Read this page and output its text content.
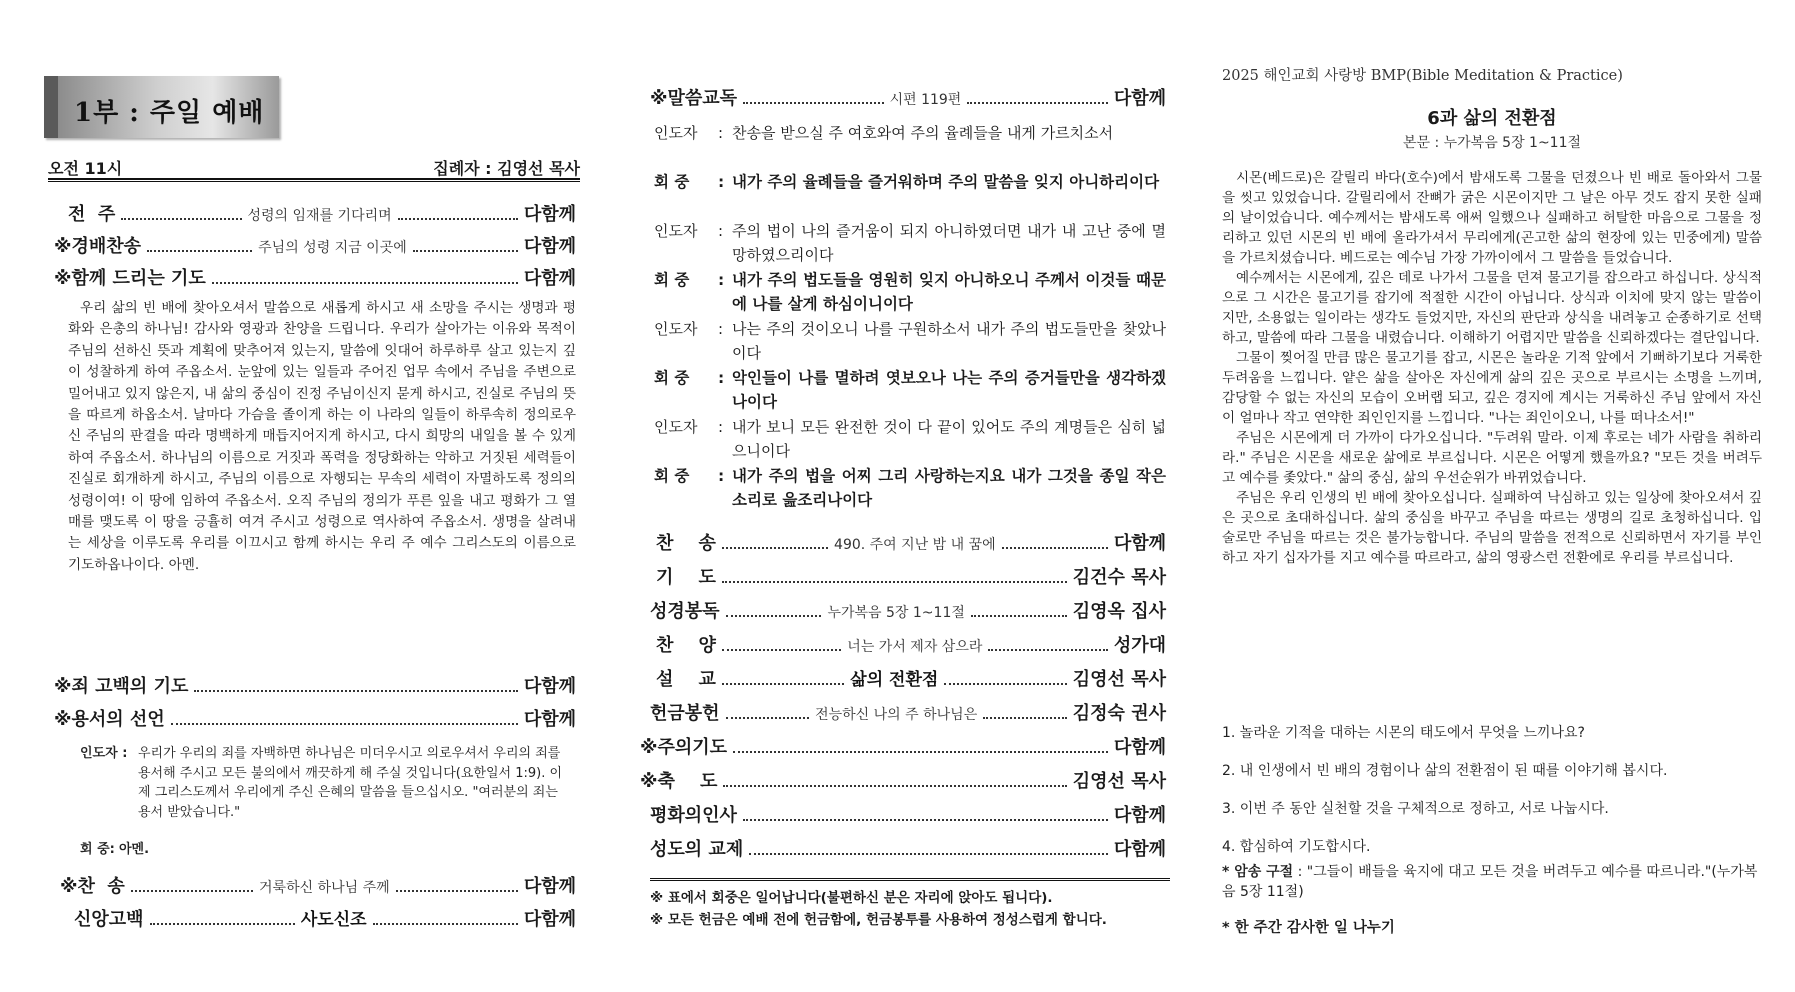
1부 : 주일 예배
오전 11시	집례자 : 김영선 목사
전  주	성령의 임재를 기다리며	다함께
※경배찬송	주님의 성령 지금 이곳에	다함께
※함께 드리는 기도	다함께

우리 삶의 빈 배에 찾아오셔서 말씀으로 새롭게 하시고 새 소망을 주시는 생명과 평화와 은총의 하나님! 감사와 영광과 찬양을 드립니다. 우리가 살아가는 이유와 목적이 주님의 선하신 뜻과 계획에 맞추어져 있는지, 말씀에 잇대어 하루하루 살고 있는지 깊이 성찰하게 하여 주옵소서. 눈앞에 있는 일들과 주어진 업무 속에서 주님을 주변으로 밀어내고 있지 않은지, 내 삶의 중심이 진정 주님이신지 묻게 하시고, 진실로 주님의 뜻을 따르게 하옵소서. 날마다 가슴을 졸이게 하는 이 나라의 일들이 하루속히 정의로우신 주님의 판결을 따라 명백하게 매듭지어지게 하시고, 다시 희망의 내일을 볼 수 있게 하여 주옵소서. 하나님의 이름으로 거짓과 폭력을 정당화하는 악하고 거짓된 세력들이 진실로 회개하게 하시고, 주님의 이름으로 자행되는 무속의 세력이 자멸하도록 정의의 성령이여! 이 땅에 임하여 주옵소서. 오직 주님의 정의가 푸른 잎을 내고 평화가 그 열매를 맺도록 이 땅을 긍휼히 여겨 주시고 성령으로 역사하여 주옵소서. 생명을 살려내는 세상을 이루도록 우리를 이끄시고 함께 하시는 우리 주 예수 그리스도의 이름으로 기도하옵나이다. 아멘.

※죄 고백의 기도	다함께
※용서의 선언	다함께
인도자 : 우리가 우리의 죄를 자백하면 하나님은 미더우시고 의로우셔서 우리의 죄를 용서해 주시고 모든 불의에서 깨끗하게 해 주실 것입니다(요한일서 1:9). 이제 그리스도께서 우리에게 주신 은혜의 말씀을 들으십시오. "여러분의 죄는 용서 받았습니다."
회 중: 아멘.
※찬  송	거룩하신 하나님 주께	다함께
신앙고백	사도신조	다함께
※말씀교독	시편 119편	다함께
인도자	: 찬송을 받으실 주 여호와여 주의 율례들을 내게 가르치소서
회 중	: 내가 주의 율례들을 즐거워하며 주의 말씀을 잊지 아니하리이다
인도자	: 주의 법이 나의 즐거움이 되지 아니하였더면 내가 내 고난 중에 멸망하였으리이다
회 중	: 내가 주의 법도들을 영원히 잊지 아니하오니 주께서 이것들 때문에 나를 살게 하심이니이다
인도자	: 나는 주의 것이오니 나를 구원하소서 내가 주의 법도들만을 찾았나이다
회 중	: 악인들이 나를 멸하려 엿보오나 나는 주의 증거들만을 생각하겠나이다
인도자	: 내가 보니 모든 완전한 것이 다 끝이 있어도 주의 계명들은 심히 넓으니이다
회 중	: 내가 주의 법을 어찌 그리 사랑하는지요 내가 그것을 종일 작은 소리로 읊조리나이다
찬    송	490. 주여 지난 밤 내 꿈에	다함께
기    도	김건수 목사
성경봉독	누가복음 5장 1~11절	김영옥 집사
찬    양	너는 가서 제자 삼으라	성가대
설    교	삶의 전환점	김영선 목사
헌금봉헌	전능하신 나의 주 하나님은	김정숙 권사
※주의기도	다함께
※축    도	김영선 목사
평화의인사	다함께
성도의 교제	다함께
※ 표에서 회중은 일어납니다(불편하신 분은 자리에 앉아도 됩니다).
※ 모든 헌금은 예배 전에 헌금함에, 헌금봉투를 사용하여 정성스럽게 합니다.
2025 해인교회 사랑방 BMP(Bible Meditation & Practice)
6과 삶의 전환점
본문 : 누가복음 5장 1~11절

시몬(베드로)은 갈릴리 바다(호수)에서 밤새도록 그물을 던졌으나 빈 배로 돌아와서 그물을 씻고 있었습니다. 갈릴리에서 잔뼈가 굵은 시몬이지만 그 날은 아무 것도 잡지 못한 실패의 날이었습니다. 예수께서는 밤새도록 애써 일했으나 실패하고 허탈한 마음으로 그물을 정리하고 있던 시몬의 빈 배에 올라가셔서 무리에게(곤고한 삶의 현장에 있는 민중에게) 말씀을 가르치셨습니다. 베드로는 예수님 가장 가까이에서 그 말씀을 들었습니다.

예수께서는 시몬에게, 깊은 데로 나가서 그물을 던져 물고기를 잡으라고 하십니다. 상식적으로 그 시간은 물고기를 잡기에 적절한 시간이 아닙니다. 상식과 이치에 맞지 않는 말씀이지만, 소용없는 일이라는 생각도 들었지만, 자신의 판단과 상식을 내려놓고 순종하기로 선택하고, 말씀에 따라 그물을 내렸습니다. 이해하기 어렵지만 말씀을 신뢰하겠다는 결단입니다.

그물이 찢어질 만큼 많은 물고기를 잡고, 시몬은 놀라운 기적 앞에서 기뻐하기보다 거룩한 두려움을 느낍니다. 얕은 삶을 살아온 자신에게 삶의 깊은 곳으로 부르시는 소명을 느끼며, 감당할 수 없는 자신의 모습이 오버랩 되고, 깊은 경지에 계시는 거룩하신 주님 앞에서 자신이 얼마나 작고 연약한 죄인인지를 느낍니다. "나는 죄인이오니, 나를 떠나소서!"

주님은 시몬에게 더 가까이 다가오십니다. "두려워 말라. 이제 후로는 네가 사람을 취하리라." 주님은 시몬을 새로운 삶에로 부르십니다. 시몬은 어떻게 했을까요? "모든 것을 버려두고 예수를 좇았다." 삶의 중심, 삶의 우선순위가 바뀌었습니다.

주님은 우리 인생의 빈 배에 찾아오십니다. 실패하여 낙심하고 있는 일상에 찾아오셔서 깊은 곳으로 초대하십니다. 삶의 중심을 바꾸고 주님을 따르는 생명의 길로 초청하십니다. 입술로만 주님을 따르는 것은 불가능합니다. 주님의 말씀을 전적으로 신뢰하면서 자기를 부인하고 자기 십자가를 지고 예수를 따르라고, 삶의 영광스런 전환에로 우리를 부르십니다.

1. 놀라운 기적을 대하는 시몬의 태도에서 무엇을 느끼나요?
2. 내 인생에서 빈 배의 경험이나 삶의 전환점이 된 때를 이야기해 봅시다.
3. 이번 주 동안 실천할 것을 구체적으로 정하고, 서로 나눕시다.
4. 합심하여 기도합시다.
* 암송 구절 : "그들이 배들을 육지에 대고 모든 것을 버려두고 예수를 따르니라."(누가복음 5장 11절)
* 한 주간 감사한 일 나누기
